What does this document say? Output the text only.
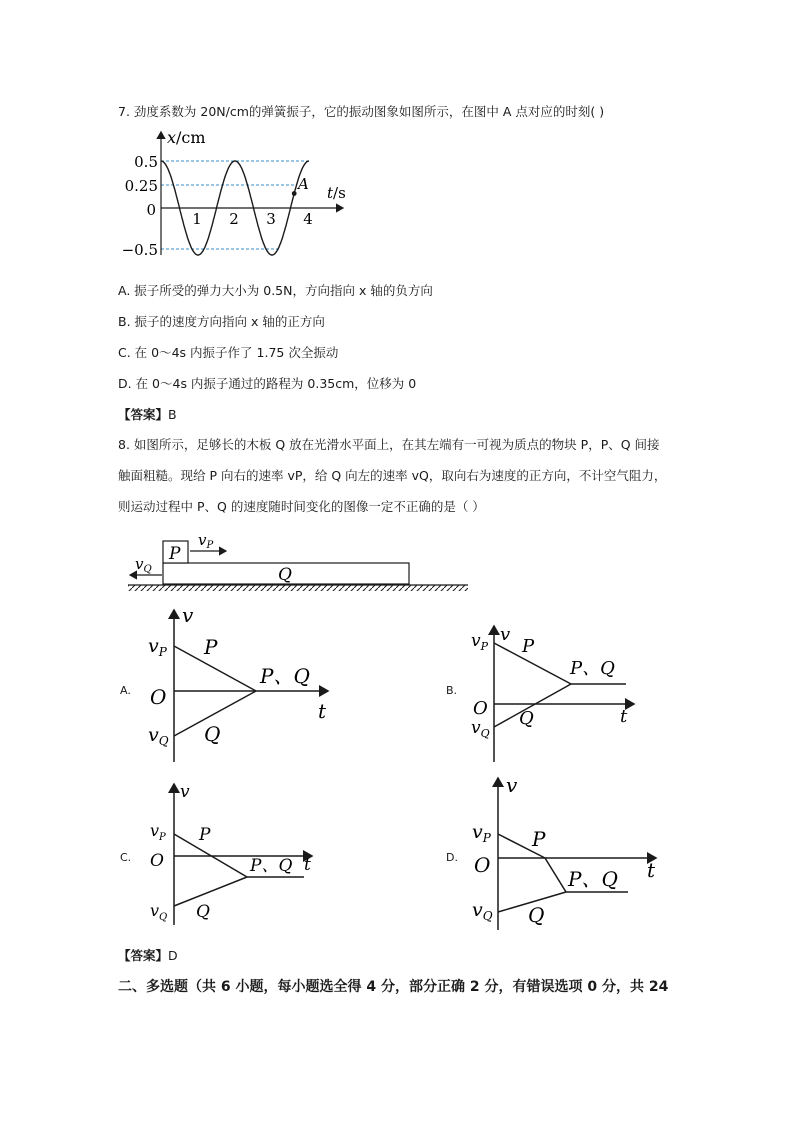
7. 劲度系数为 20N/cm的弹簧振子，它的振动图象如图所示，在图中 A 点对应的时刻( )
x/cm
t/s
0.5
0.25
0
−0.5
1 2 3 4
A
A. 振子所受的弹力大小为 0.5N，方向指向 x 轴的负方向
B. 振子的速度方向指向 x 轴的正方向
C. 在 0～4s 内振子作了 1.75 次全振动
D. 在 0～4s 内振子通过的路程为 0.35cm，位移为 0
【答案】B
8. 如图所示，足够长的木板 Q 放在光滑水平面上，在其左端有一可视为质点的物块 P，P、Q 间接
触面粗糙。现给 P 向右的速率 vP，给 Q 向左的速率 vQ，取向右为速度的正方向，不计空气阻力，
则运动过程中 P、Q 的速度随时间变化的图像一定不正确的是（ ）
P
Q
$v_P$
$v_Q$
A.
v
$v_P$
O
$v_Q$
P
Q
P、Q
t
B.
v
$v_P$
O
$v_Q$
P
Q
P、Q
t
C.
v
$v_P$
O
$v_Q$
P
Q
P、Q t	D.
v
$v_P$
O
$v_Q$
P
Q
P、Q t
【答案】D
二、多选题（共 6 小题，每小题选全得 4 分，部分正确 2 分，有错误选项 0 分，共 24
